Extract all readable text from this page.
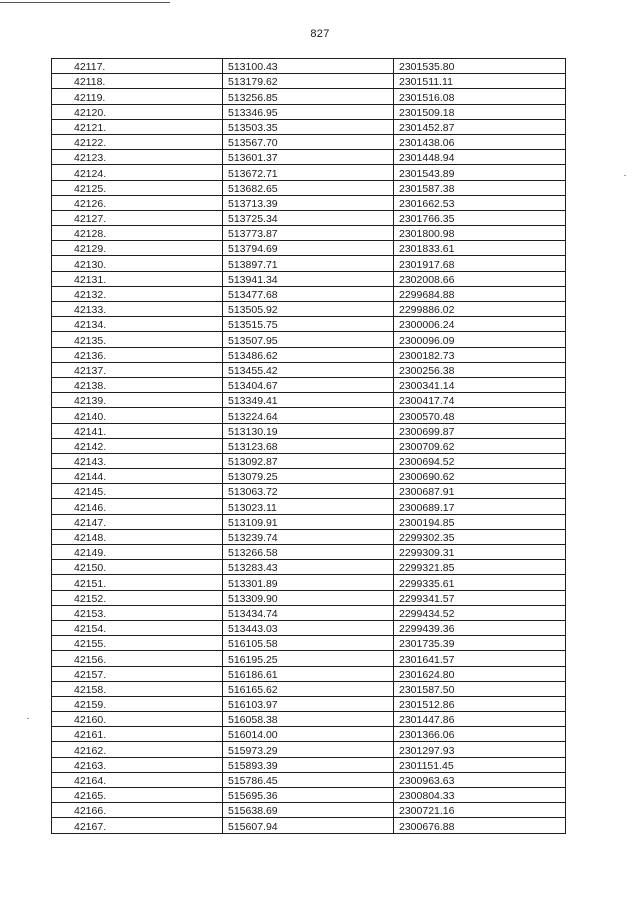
827
42117.	513100.43	2301535.80
42118.	513179.62	2301511.11
42119.	513256.85	2301516.08
42120.	513346.95	2301509.18
42121.	513503.35	2301452.87
42122.	513567.70	2301438.06
42123.	513601.37	2301448.94
42124.	513672.71	2301543.89
42125.	513682.65	2301587.38
42126.	513713.39	2301662.53
42127.	513725.34	2301766.35
42128.	513773.87	2301800.98
42129.	513794.69	2301833.61
42130.	513897.71	2301917.68
42131.	513941.34	2302008.66
42132.	513477.68	2299684.88
42133.	513505.92	2299886.02
42134.	513515.75	2300006.24
42135.	513507.95	2300096.09
42136.	513486.62	2300182.73
42137.	513455.42	2300256.38
42138.	513404.67	2300341.14
42139.	513349.41	2300417.74
42140.	513224.64	2300570.48
42141.	513130.19	2300699.87
42142.	513123.68	2300709.62
42143.	513092.87	2300694.52
42144.	513079.25	2300690.62
42145.	513063.72	2300687.91
42146.	513023.11	2300689.17
42147.	513109.91	2300194.85
42148.	513239.74	2299302.35
42149.	513266.58	2299309.31
42150.	513283.43	2299321.85
42151.	513301.89	2299335.61
42152.	513309.90	2299341.57
42153.	513434.74	2299434.52
42154.	513443.03	2299439.36
42155.	516105.58	2301735.39
42156.	516195.25	2301641.57
42157.	516186.61	2301624.80
42158.	516165.62	2301587.50
42159.	516103.97	2301512.86
42160.	516058.38	2301447.86
42161.	516014.00	2301366.06
42162.	515973.29	2301297.93
42163.	515893.39	2301151.45
42164.	515786.45	2300963.63
42165.	515695.36	2300804.33
42166.	515638.69	2300721.16
42167.	515607.94	2300676.88
